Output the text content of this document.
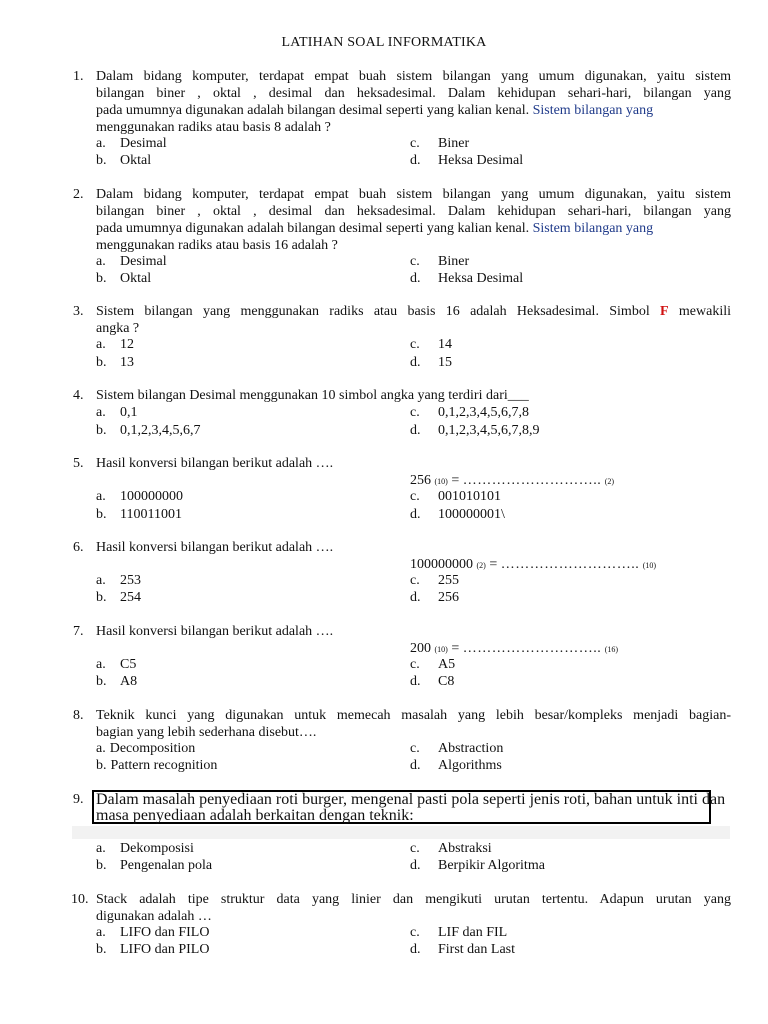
LATIHAN SOAL INFORMATIKA
1. Dalam bidang komputer, terdapat empat buah sistem bilangan yang umum digunakan, yaitu sistem
bilangan biner , oktal , desimal dan heksadesimal. Dalam kehidupan sehari-hari, bilangan yang
pada umumnya digunakan adalah bilangan desimal seperti yang kalian kenal. Sistem bilangan yang
menggunakan radiks atau basis 8 adalah ?
a. Desimal
b. Oktal
c. Biner
d. Heksa Desimal
2. Dalam bidang komputer, terdapat empat buah sistem bilangan yang umum digunakan, yaitu sistem
bilangan biner , oktal , desimal dan heksadesimal. Dalam kehidupan sehari-hari, bilangan yang
pada umumnya digunakan adalah bilangan desimal seperti yang kalian kenal. Sistem bilangan yang
menggunakan radiks atau basis 16 adalah ?
a. Desimal
b. Oktal
c. Biner
d. Heksa Desimal
3. Sistem bilangan yang menggunakan radiks atau basis 16 adalah Heksadesimal. Simbol F mewakili
angka ?
a. 12
b. 13
c. 14
d. 15
4. Sistem bilangan Desimal menggunakan 10 simbol angka yang terdiri dari___
a. 0,1
b. 0,1,2,3,4,5,6,7
c. 0,1,2,3,4,5,6,7,8
d. 0,1,2,3,4,5,6,7,8,9
5. Hasil konversi bilangan berikut adalah ….
256 (10) = ……………………….. (2)
a. 100000000
b. 110011001
c. 001010101
d. 100000001\
6. Hasil konversi bilangan berikut adalah ….
100000000 (2) = ……………………….. (10)
a. 253
b. 254
c. 255
d. 256
7. Hasil konversi bilangan berikut adalah ….
200 (10) = ……………………….. (16)
a. C5
b. A8
c. A5
d. C8
8. Teknik kunci yang digunakan untuk memecah masalah yang lebih besar/kompleks menjadi bagian-
bagian yang lebih sederhana disebut….
a. Decomposition
b. Pattern recognition
c. Abstraction
d. Algorithms
9. Dalam masalah penyediaan roti burger, mengenal pasti pola seperti jenis roti, bahan untuk inti dan
masa penyediaan adalah berkaitan dengan teknik:
a. Dekomposisi
b. Pengenalan pola
c. Abstraksi
d. Berpikir Algoritma
10. Stack adalah tipe struktur data yang linier dan mengikuti urutan tertentu. Adapun urutan yang
digunakan adalah …
a. LIFO dan FILO
b. LIFO dan PILO
c. LIF dan FIL
d. First dan Last
